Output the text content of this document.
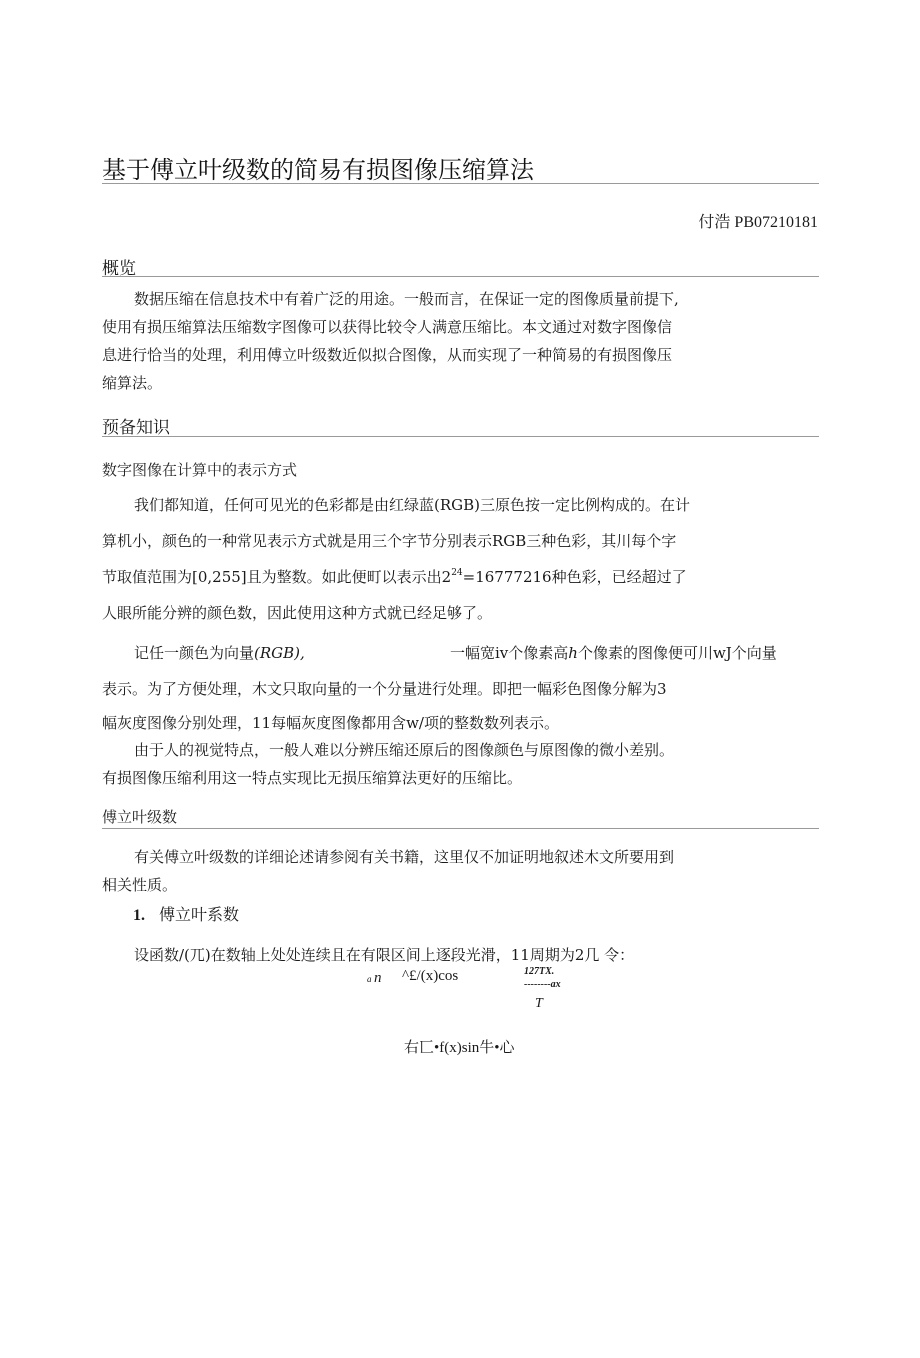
基于傅立叶级数的简易有损图像压缩算法
付浩 PB07210181
概览
数据压缩在信息技术中有着广泛的用途。一般而言，在保证一定的图像质量前提下,
使用有损压缩算法压缩数字图像可以获得比较令人满意压缩比。本文通过对数字图像信
息进行恰当的处理，利用傅立叶级数近似拟合图像，从而实现了一种简易的有损图像压
缩算法。
预备知识
数字图像在计算中的表示方式
我们都知道，任何可见光的色彩都是由红绿蓝(RGB)三原色按一定比例构成的。在计
算机小，颜色的一种常见表示方式就是用三个字节分别表示RGB三种色彩，其川每个字
节取值范围为[0,255]且为整数。如此便町以表示出$2^{24}=16777216$种色彩，已经超过了
人眼所能分辨的颜色数，因此使用这种方式就已经足够了。
记任一颜色为向量(RGB),	一幅宽iv个像素高h个像素的图像便可川wJ个向量
表示。为了方便处理，木文只取向量的一个分量进行处理。即把一幅彩色图像分解为3
幅灰度图像分别处理，11每幅灰度图像都用含w/项的整数数列表示。
由于人的视觉特点，一般人难以分辨压缩还原后的图像颜色与原图像的微小差别。
有损图像压缩利用这一特点实现比无损压缩算法更好的压缩比。
傅立叶级数
有关傅立叶级数的详细论述请参阅有关书籍，这里仅不加证明地叙述木文所要用到
相关性质。
1. 傅立叶系数
设函数/(兀)在数轴上处处连续且在有限区间上逐段光滑，11周期为2几 令：
a n ^£/(x)cos	127TX.
--------ax
T
右匸•f(x)sin牛•心
